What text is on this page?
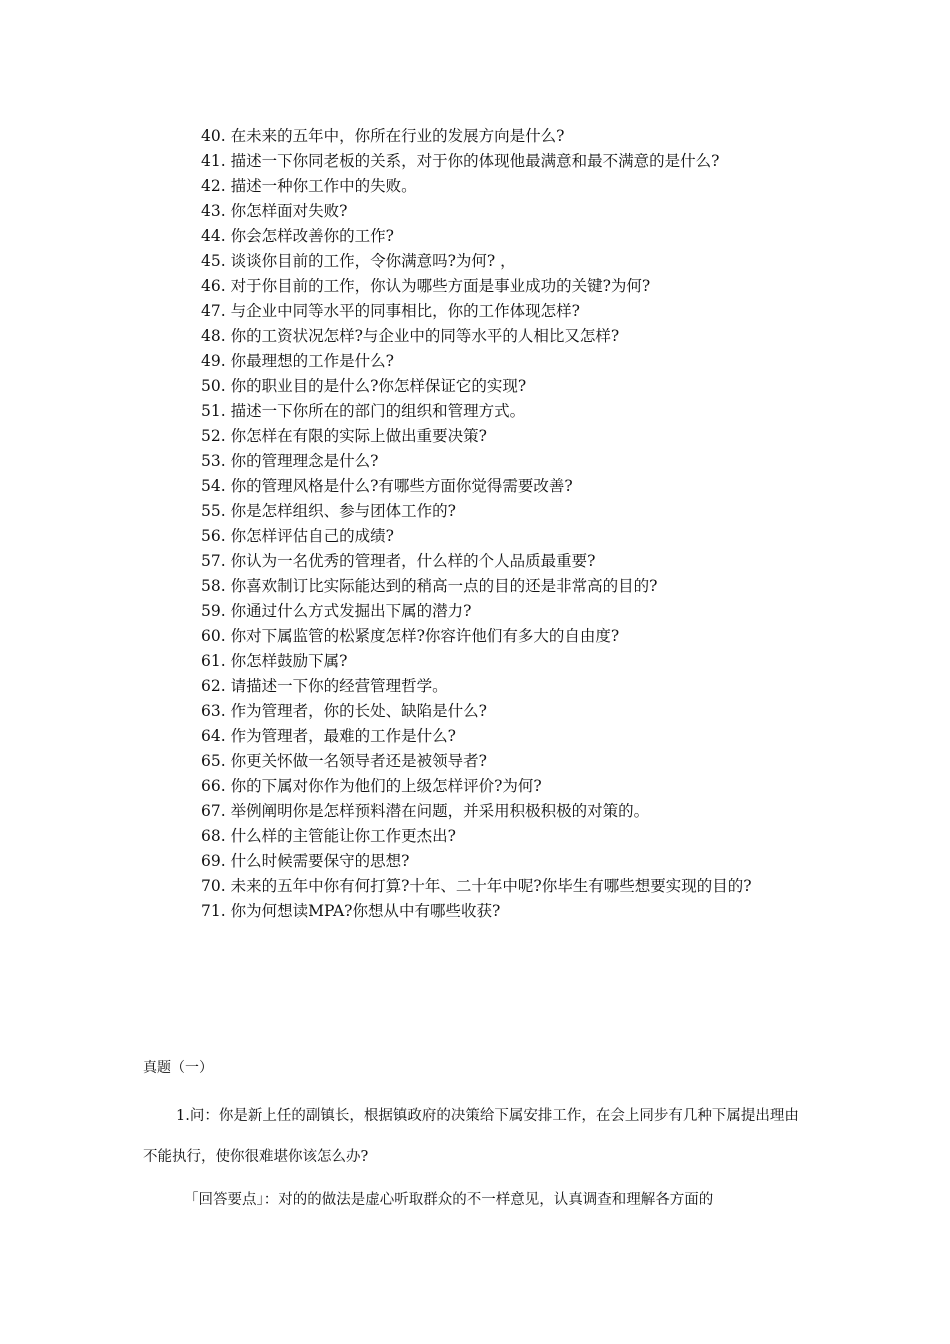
40. 在未来的五年中，你所在行业的发展方向是什么?
41. 描述一下你同老板的关系，对于你的体现他最满意和最不满意的是什么?
42. 描述一种你工作中的失败。
43. 你怎样面对失败?
44. 你会怎样改善你的工作?
45. 谈谈你目前的工作，令你满意吗?为何? ，
46. 对于你目前的工作，你认为哪些方面是事业成功的关键?为何?
47. 与企业中同等水平的同事相比，你的工作体现怎样?
48. 你的工资状况怎样?与企业中的同等水平的人相比又怎样?
49. 你最理想的工作是什么?
50. 你的职业目的是什么?你怎样保证它的实现?
51. 描述一下你所在的部门的组织和管理方式。
52. 你怎样在有限的实际上做出重要决策?
53. 你的管理理念是什么?
54. 你的管理风格是什么?有哪些方面你觉得需要改善?
55. 你是怎样组织、参与团体工作的?
56. 你怎样评估自己的成绩?
57. 你认为一名优秀的管理者，什么样的个人品质最重要?
58. 你喜欢制订比实际能达到的稍高一点的目的还是非常高的目的?
59. 你通过什么方式发掘出下属的潜力?
60. 你对下属监管的松紧度怎样?你容许他们有多大的自由度?
61. 你怎样鼓励下属?
62. 请描述一下你的经营管理哲学。
63. 作为管理者，你的长处、缺陷是什么?
64. 作为管理者，最难的工作是什么?
65. 你更关怀做一名领导者还是被领导者?
66. 你的下属对你作为他们的上级怎样评价?为何?
67. 举例阐明你是怎样预料潜在问题，并采用积极积极的对策的。
68. 什么样的主管能让你工作更杰出?
69. 什么时候需要保守的思想?
70. 未来的五年中你有何打算?十年、二十年中呢?你毕生有哪些想要实现的目的?
71. 你为何想读MPA?你想从中有哪些收获?
真题（一）
1.问：你是新上任的副镇长，根据镇政府的决策给下属安排工作，在会上同步有几种下属提出理由不能执行，使你很难堪你该怎么办?
「回答要点」：对的的做法是虚心听取群众的不一样意见，认真调查和理解各方面的
